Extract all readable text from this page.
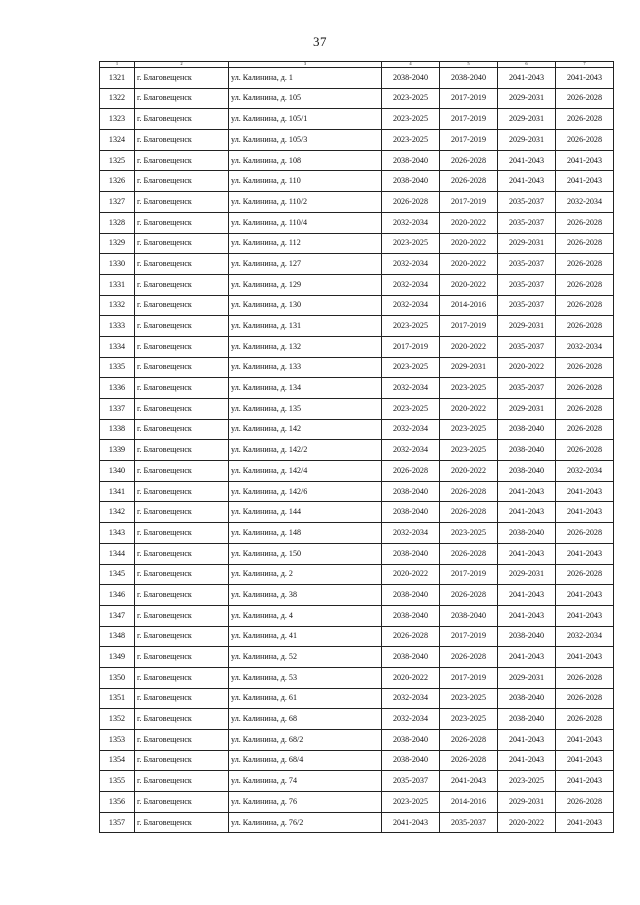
37
1	2	3	4	5	6	7
1321	г. Благовещенск	ул. Калинина, д. 1	2038-2040	2038-2040	2041-2043	2041-2043
1322	г. Благовещенск	ул. Калинина, д. 105	2023-2025	2017-2019	2029-2031	2026-2028
1323	г. Благовещенск	ул. Калинина, д. 105/1	2023-2025	2017-2019	2029-2031	2026-2028
1324	г. Благовещенск	ул. Калинина, д. 105/3	2023-2025	2017-2019	2029-2031	2026-2028
1325	г. Благовещенск	ул. Калинина, д. 108	2038-2040	2026-2028	2041-2043	2041-2043
1326	г. Благовещенск	ул. Калинина, д. 110	2038-2040	2026-2028	2041-2043	2041-2043
1327	г. Благовещенск	ул. Калинина, д. 110/2	2026-2028	2017-2019	2035-2037	2032-2034
1328	г. Благовещенск	ул. Калинина, д. 110/4	2032-2034	2020-2022	2035-2037	2026-2028
1329	г. Благовещенск	ул. Калинина, д. 112	2023-2025	2020-2022	2029-2031	2026-2028
1330	г. Благовещенск	ул. Калинина, д. 127	2032-2034	2020-2022	2035-2037	2026-2028
1331	г. Благовещенск	ул. Калинина, д. 129	2032-2034	2020-2022	2035-2037	2026-2028
1332	г. Благовещенск	ул. Калинина, д. 130	2032-2034	2014-2016	2035-2037	2026-2028
1333	г. Благовещенск	ул. Калинина, д. 131	2023-2025	2017-2019	2029-2031	2026-2028
1334	г. Благовещенск	ул. Калинина, д. 132	2017-2019	2020-2022	2035-2037	2032-2034
1335	г. Благовещенск	ул. Калинина, д. 133	2023-2025	2029-2031	2020-2022	2026-2028
1336	г. Благовещенск	ул. Калинина, д. 134	2032-2034	2023-2025	2035-2037	2026-2028
1337	г. Благовещенск	ул. Калинина, д. 135	2023-2025	2020-2022	2029-2031	2026-2028
1338	г. Благовещенск	ул. Калинина, д. 142	2032-2034	2023-2025	2038-2040	2026-2028
1339	г. Благовещенск	ул. Калинина, д. 142/2	2032-2034	2023-2025	2038-2040	2026-2028
1340	г. Благовещенск	ул. Калинина, д. 142/4	2026-2028	2020-2022	2038-2040	2032-2034
1341	г. Благовещенск	ул. Калинина, д. 142/6	2038-2040	2026-2028	2041-2043	2041-2043
1342	г. Благовещенск	ул. Калинина, д. 144	2038-2040	2026-2028	2041-2043	2041-2043
1343	г. Благовещенск	ул. Калинина, д. 148	2032-2034	2023-2025	2038-2040	2026-2028
1344	г. Благовещенск	ул. Калинина, д. 150	2038-2040	2026-2028	2041-2043	2041-2043
1345	г. Благовещенск	ул. Калинина, д. 2	2020-2022	2017-2019	2029-2031	2026-2028
1346	г. Благовещенск	ул. Калинина, д. 38	2038-2040	2026-2028	2041-2043	2041-2043
1347	г. Благовещенск	ул. Калинина, д. 4	2038-2040	2038-2040	2041-2043	2041-2043
1348	г. Благовещенск	ул. Калинина, д. 41	2026-2028	2017-2019	2038-2040	2032-2034
1349	г. Благовещенск	ул. Калинина, д. 52	2038-2040	2026-2028	2041-2043	2041-2043
1350	г. Благовещенск	ул. Калинина, д. 53	2020-2022	2017-2019	2029-2031	2026-2028
1351	г. Благовещенск	ул. Калинина, д. 61	2032-2034	2023-2025	2038-2040	2026-2028
1352	г. Благовещенск	ул. Калинина, д. 68	2032-2034	2023-2025	2038-2040	2026-2028
1353	г. Благовещенск	ул. Калинина, д. 68/2	2038-2040	2026-2028	2041-2043	2041-2043
1354	г. Благовещенск	ул. Калинина, д. 68/4	2038-2040	2026-2028	2041-2043	2041-2043
1355	г. Благовещенск	ул. Калинина, д. 74	2035-2037	2041-2043	2023-2025	2041-2043
1356	г. Благовещенск	ул. Калинина, д. 76	2023-2025	2014-2016	2029-2031	2026-2028
1357	г. Благовещенск	ул. Калинина, д. 76/2	2041-2043	2035-2037	2020-2022	2041-2043
